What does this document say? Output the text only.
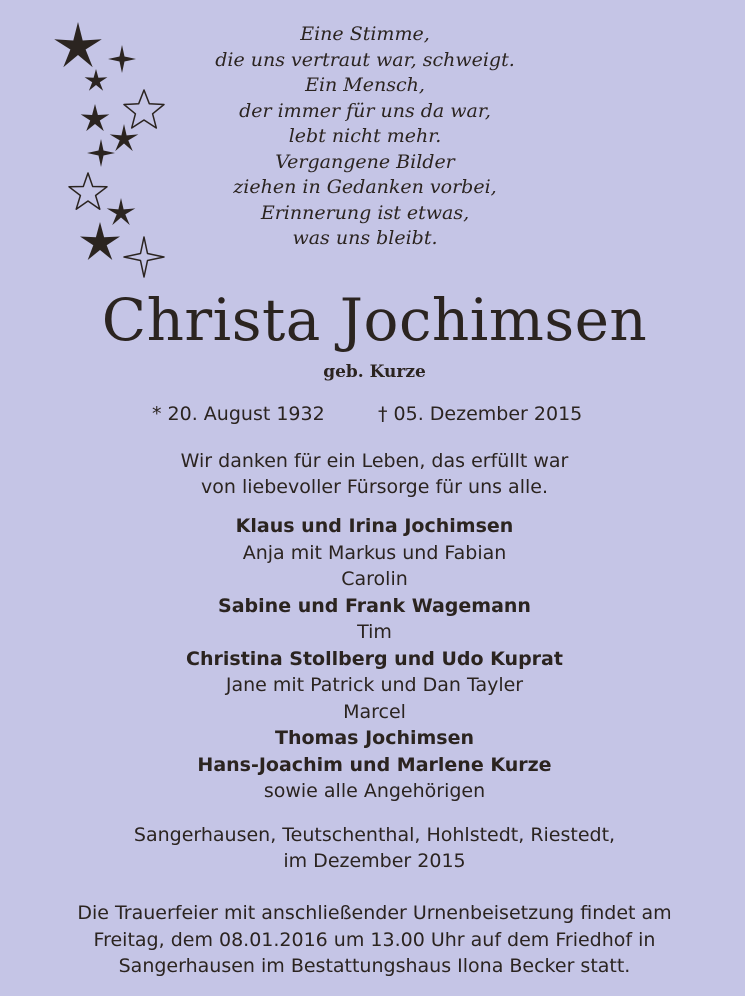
Eine Stimme,
die uns vertraut war, schweigt.
Ein Mensch,
der immer für uns da war,
lebt nicht mehr.
Vergangene Bilder
ziehen in Gedanken vorbei,
Erinnerung ist etwas,
was uns bleibt.
Christa Jochimsen
geb. Kurze
* 20. August 1932	† 05. Dezember 2015
Wir danken für ein Leben, das erfüllt war
von liebevoller Fürsorge für uns alle.
Klaus und Irina Jochimsen
Anja mit Markus und Fabian
Carolin
Sabine und Frank Wagemann
Tim
Christina Stollberg und Udo Kuprat
Jane mit Patrick und Dan Tayler
Marcel
Thomas Jochimsen
Hans-Joachim und Marlene Kurze
sowie alle Angehörigen
Sangerhausen, Teutschenthal, Hohlstedt, Riestedt,
im Dezember 2015
Die Trauerfeier mit anschließender Urnenbeisetzung findet am
Freitag, dem 08.01.2016 um 13.00 Uhr auf dem Friedhof in
Sangerhausen im Bestattungshaus Ilona Becker statt.
